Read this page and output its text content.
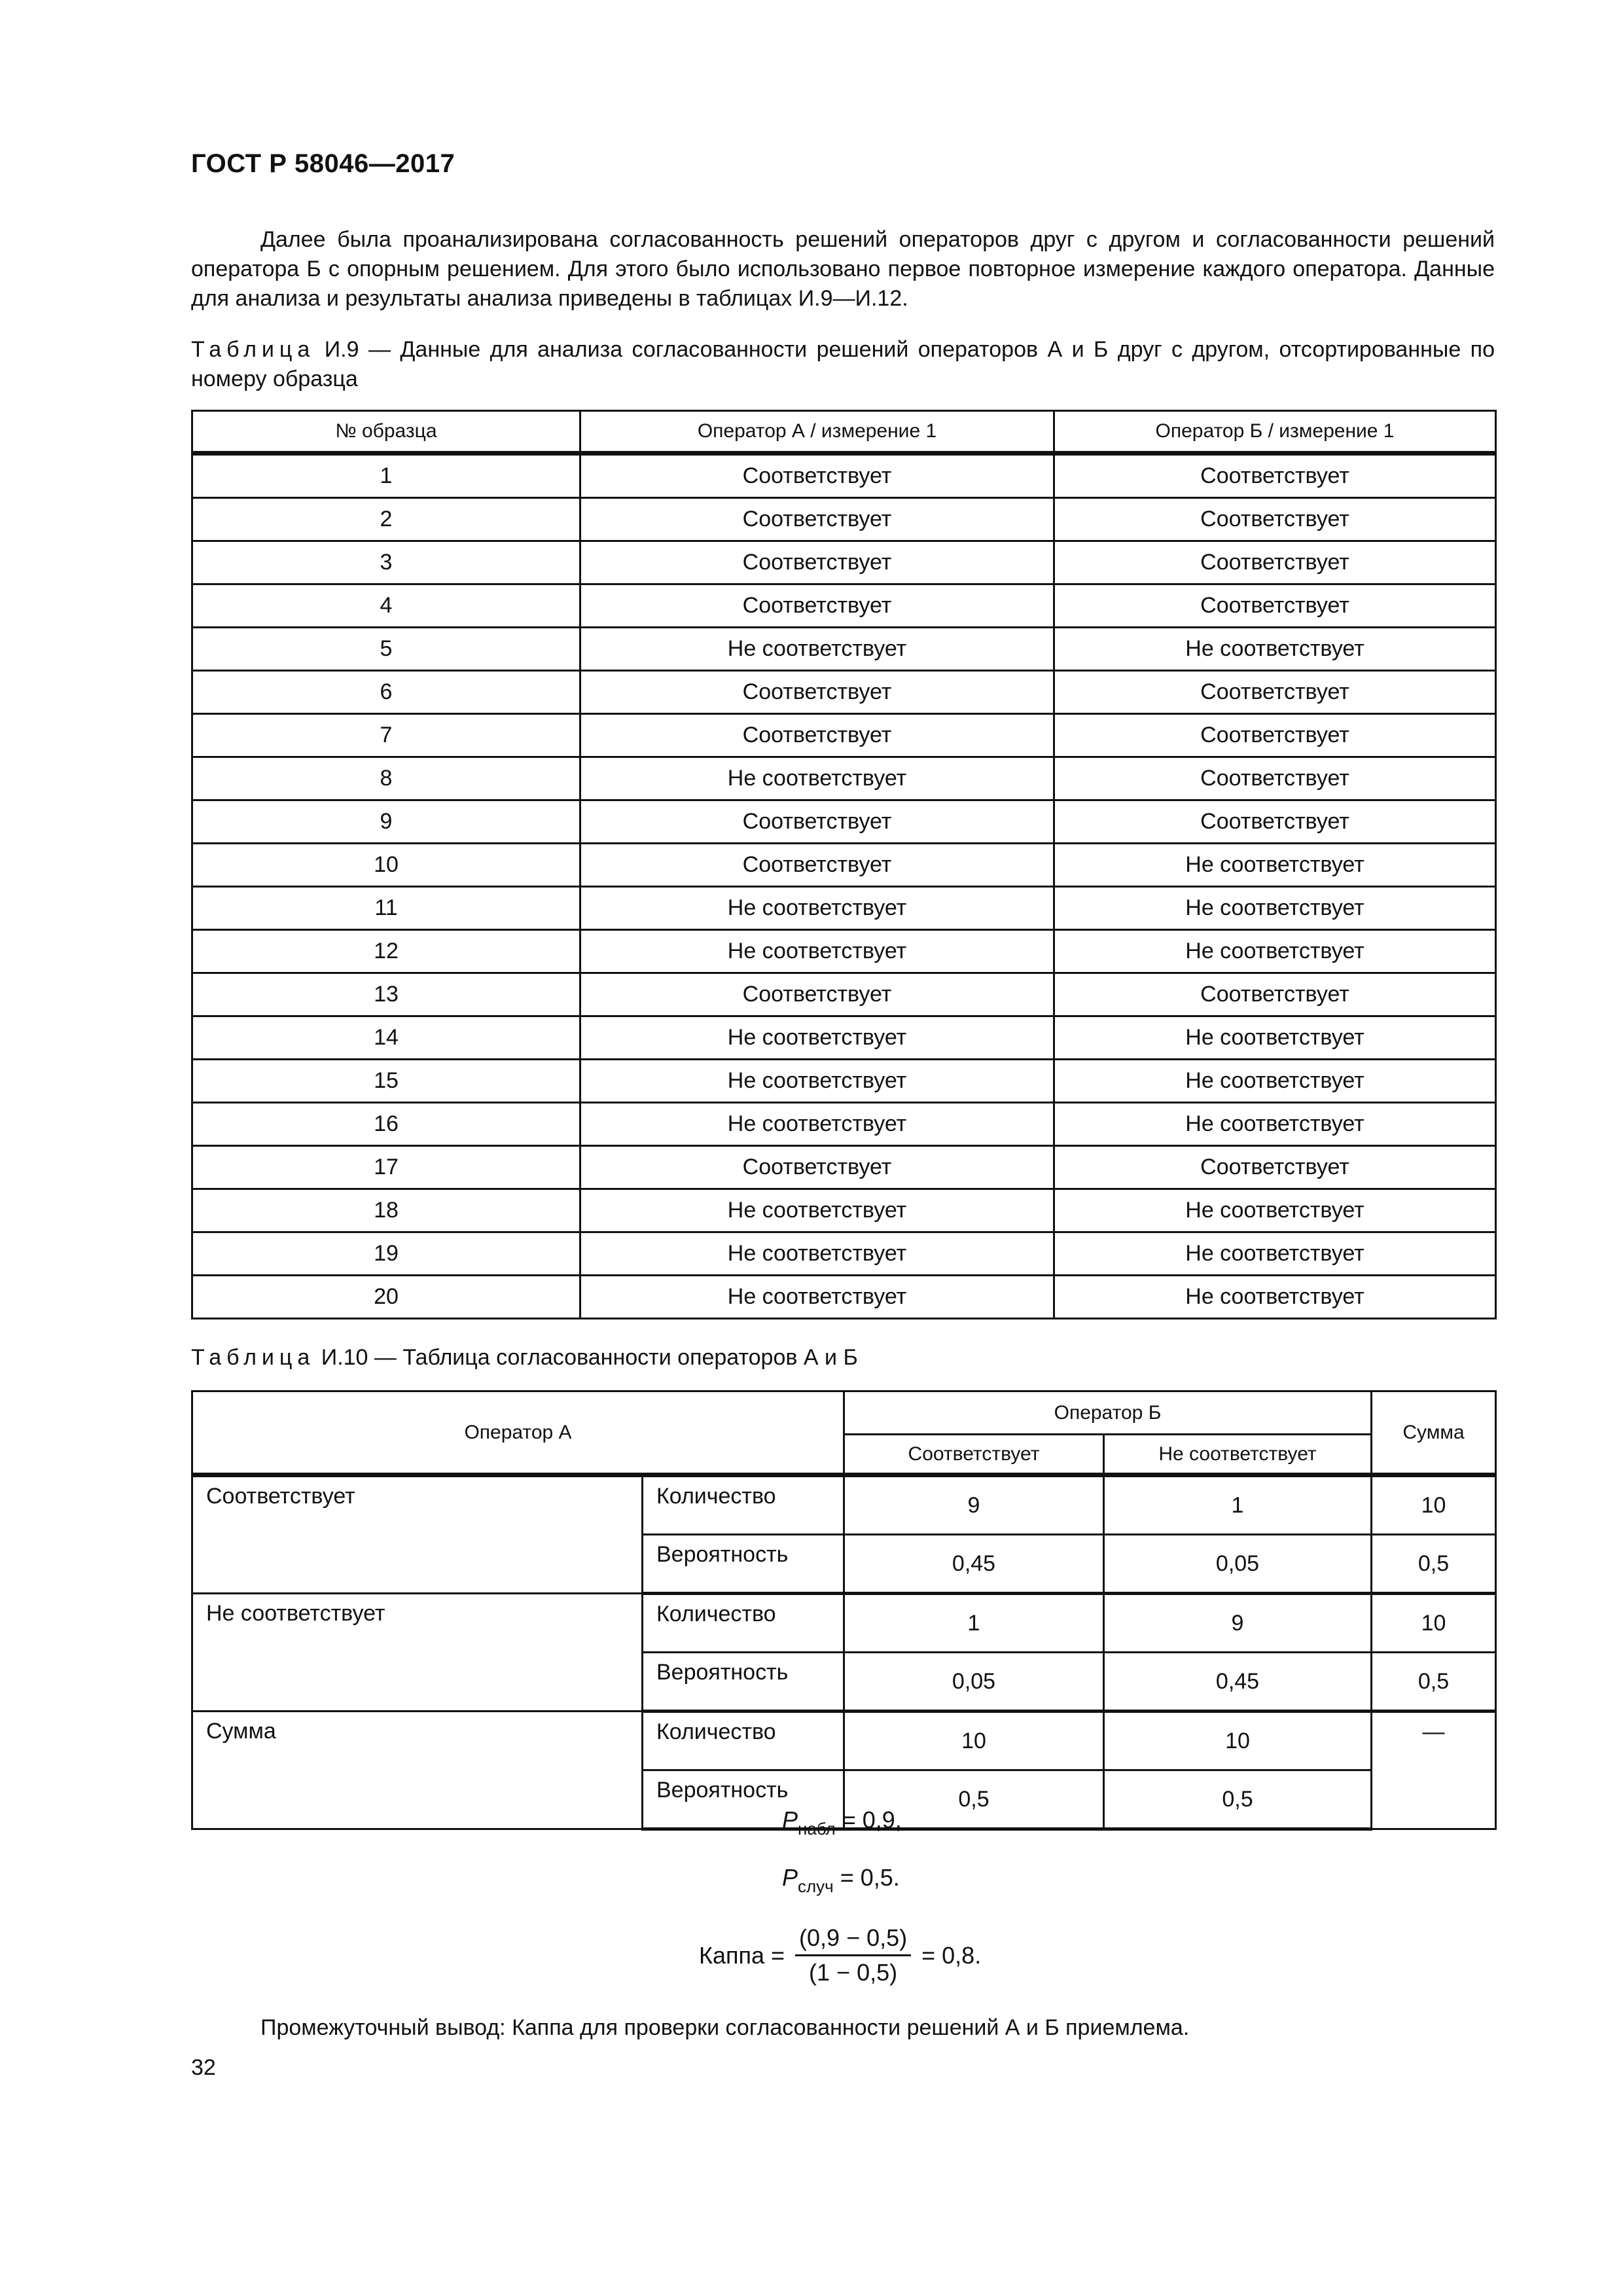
ГОСТ Р 58046—2017

Далее была проанализирована согласованность решений операторов друг с другом и согласованности решений оператора Б с опорным решением. Для этого было использовано первое повторное измерение каждого оператора. Данные для анализа и результаты анализа приведены в таблицах И.9—И.12.

Таблица И.9 — Данные для анализа согласованности решений операторов А и Б друг с другом, отсортированные по номеру образца

№ образца	Оператор А / измерение 1	Оператор Б / измерение 1
1	Соответствует	Соответствует
2	Соответствует	Соответствует
3	Соответствует	Соответствует
4	Соответствует	Соответствует
5	Не соответствует	Не соответствует
6	Соответствует	Соответствует
7	Соответствует	Соответствует
8	Не соответствует	Соответствует
9	Соответствует	Соответствует
10	Соответствует	Не соответствует
11	Не соответствует	Не соответствует
12	Не соответствует	Не соответствует
13	Соответствует	Соответствует
14	Не соответствует	Не соответствует
15	Не соответствует	Не соответствует
16	Не соответствует	Не соответствует
17	Соответствует	Соответствует
18	Не соответствует	Не соответствует
19	Не соответствует	Не соответствует
20	Не соответствует	Не соответствует

Таблица И.10 — Таблица согласованности операторов А и Б

Оператор А		Оператор Б		Сумма
		Соответствует	Не соответствует	
Соответствует	Количество	9	1	10
	Вероятность	0,45	0,05	0,5
Не соответствует	Количество	1	9	10
	Вероятность	0,05	0,45	0,5
Сумма	Количество	10	10	—
	Вероятность	0,5	0,5	
$P_{набл} = 0,9$,
$P_{случ} = 0,5$.
Каппа = $\frac{(0,9 - 0,5)}{(1 - 0,5)} = 0,8$.
Промежуточный вывод: Каппа для проверки согласованности решений А и Б приемлема.
32
